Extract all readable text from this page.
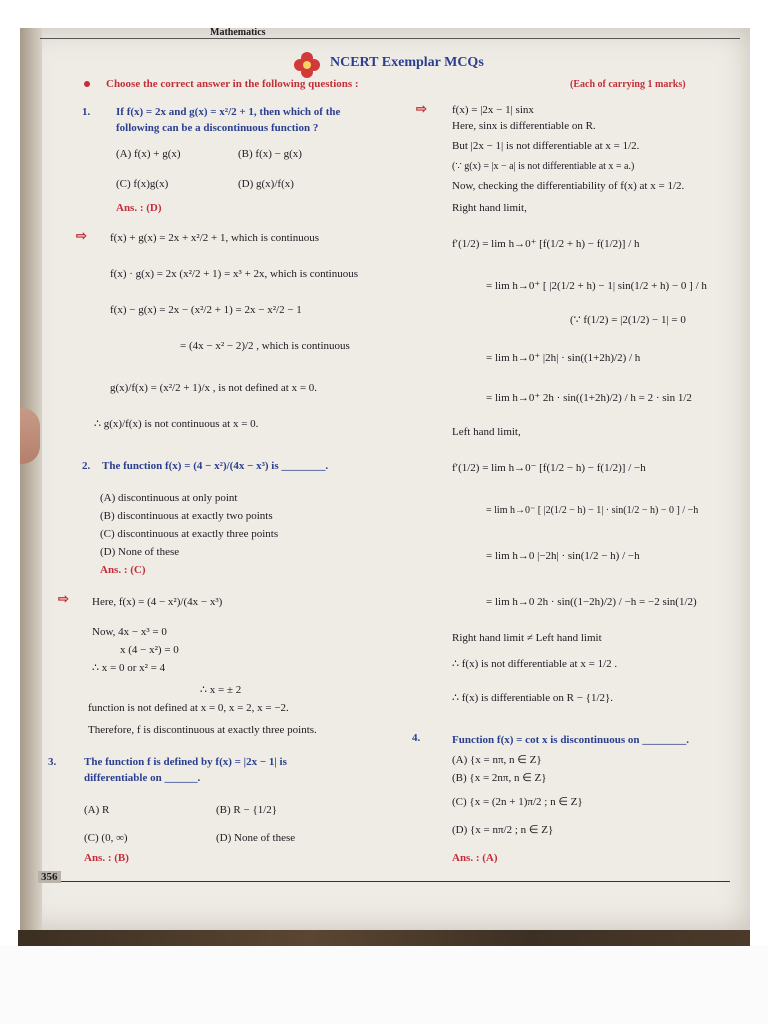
Mathematics
NCERT Exemplar MCQs
Choose the correct answer in the following questions :	(Each of carrying 1 marks)
1. If f(x) = 2x and g(x) = x²/2 + 1, then which of the
following can be a discontinuous function ?
(A) f(x) + g(x)	(B) f(x) − g(x)
(C) f(x)g(x)	(D) g(x)/f(x)
Ans. : (D)
⇨ f(x) + g(x) = 2x + x²/2 + 1, which is continuous
f(x) · g(x) = 2x (x²/2 + 1) = x³ + 2x, which is continuous
f(x) − g(x) = 2x − (x²/2 + 1) = 2x − x²/2 − 1
= (4x − x² − 2)/2 , which is continuous
g(x)/f(x) = (x²/2 + 1)/x , is not defined at x = 0.
∴ g(x)/f(x) is not continuous at x = 0.
2. The function f(x) = (4 − x²)/(4x − x³) is ________.
(A) discontinuous at only point
(B) discontinuous at exactly two points
(C) discontinuous at exactly three points
(D) None of these
Ans. : (C)
⇨ Here, f(x) = (4 − x²)/(4x − x³)
Now, 4x − x³ = 0
x (4 − x²) = 0
∴ x = 0 or x² = 4
∴ x = ± 2
function is not defined at x = 0, x = 2, x = −2.
Therefore, f is discontinuous at exactly three points.
3.	The function f is defined by f(x) = |2x − 1| is
differentiable on ______.
(A) R	(B) R − {1/2}
(C) (0, ∞)	(D) None of these
Ans. : (B)
⇨ f(x) = |2x − 1| sinx
Here, sinx is differentiable on R.
But |2x − 1| is not differentiable at x = 1/2.
(∵ g(x) = |x − a| is not differentiable at x = a.)
Now, checking the differentiability of f(x) at x = 1/2.
Right hand limit,
f′(1/2) = lim h→0⁺ [f(1/2 + h) − f(1/2)] / h
= lim h→0⁺ [ |2(1/2 + h) − 1| sin(1/2 + h) − 0 ] / h
(∵ f(1/2) = |2(1/2) − 1| = 0
= lim h→0⁺ |2h| · sin((1+2h)/2) / h
= lim h→0⁺ 2h · sin((1+2h)/2) / h = 2 · sin 1/2
Left hand limit,
f′(1/2) = lim h→0⁻ [f(1/2 − h) − f(1/2)] / −h
= lim h→0⁻ [ |2(1/2 − h) − 1| · sin(1/2 − h) − 0 ] / −h
= lim h→0 |−2h| · sin(1/2 − h) / −h
= lim h→0 2h · sin((1−2h)/2) / −h = −2 sin(1/2)
Right hand limit ≠ Left hand limit
∴ f(x) is not differentiable at x = 1/2 .
∴ f(x) is differentiable on R − {1/2}.
4.	Function f(x) = cot x is discontinuous on ________.
(A) {x = nπ, n ∈ Z}
(B) {x = 2nπ, n ∈ Z}
(C) {x = (2n + 1)π/2 ; n ∈ Z}
(D) {x = nπ/2 ; n ∈ Z}
Ans. : (A)
356
